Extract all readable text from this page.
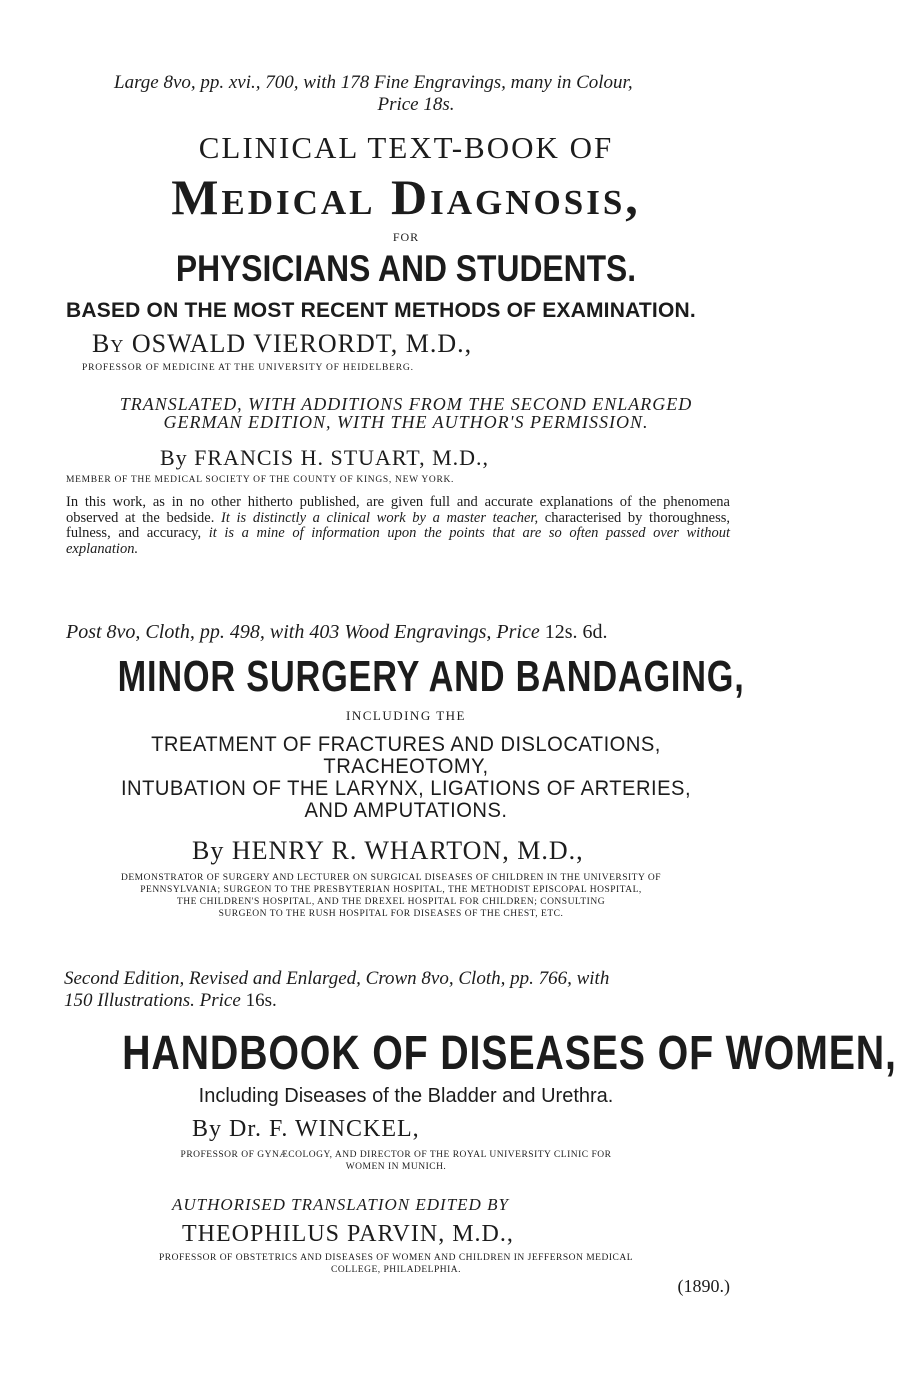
Large 8vo, pp. xvi., 700, with 178 Fine Engravings, many in Colour,

Price 18s.

CLINICAL TEXT-BOOK OF

Medical Diagnosis,

FOR

PHYSICIANS AND STUDENTS.

BASED ON THE MOST RECENT METHODS OF EXAMINATION.

By OSWALD VIERORDT, M.D.,

PROFESSOR OF MEDICINE AT THE UNIVERSITY OF HEIDELBERG.

TRANSLATED, WITH ADDITIONS FROM THE SECOND ENLARGED

GERMAN EDITION, WITH THE AUTHOR'S PERMISSION.

By FRANCIS H. STUART, M.D.,

MEMBER OF THE MEDICAL SOCIETY OF THE COUNTY OF KINGS, NEW YORK.

In this work, as in no other hitherto published, are given full and accurate explanations of the phenomena observed at the bedside. It is distinctly a clinical work by a master teacher, characterised by thoroughness, fulness, and accuracy, it is a mine of information upon the points that are so often passed over without explanation.

Post 8vo, Cloth, pp. 498, with 403 Wood Engravings, Price 12s. 6d.

MINOR SURGERY AND BANDAGING,

INCLUDING THE

TREATMENT OF FRACTURES AND DISLOCATIONS, TRACHEOTOMY,

INTUBATION OF THE LARYNX, LIGATIONS OF ARTERIES,

AND AMPUTATIONS.

By HENRY R. WHARTON, M.D.,

DEMONSTRATOR OF SURGERY AND LECTURER ON SURGICAL DISEASES OF CHILDREN IN THE UNIVERSITY OF
PENNSYLVANIA; SURGEON TO THE PRESBYTERIAN HOSPITAL, THE METHODIST EPISCOPAL HOSPITAL,
THE CHILDREN'S HOSPITAL, AND THE DREXEL HOSPITAL FOR CHILDREN; CONSULTING
SURGEON TO THE RUSH HOSPITAL FOR DISEASES OF THE CHEST, ETC.

Second Edition, Revised and Enlarged, Crown 8vo, Cloth, pp. 766, with
150 Illustrations. Price 16s.

HANDBOOK OF DISEASES OF WOMEN,

Including Diseases of the Bladder and Urethra.

By Dr. F. WINCKEL,

PROFESSOR OF GYNÆCOLOGY, AND DIRECTOR OF THE ROYAL UNIVERSITY CLINIC FOR
WOMEN IN MUNICH.

AUTHORISED TRANSLATION EDITED BY

THEOPHILUS PARVIN, M.D.,

PROFESSOR OF OBSTETRICS AND DISEASES OF WOMEN AND CHILDREN IN JEFFERSON MEDICAL
COLLEGE, PHILADELPHIA.

(1890.)
